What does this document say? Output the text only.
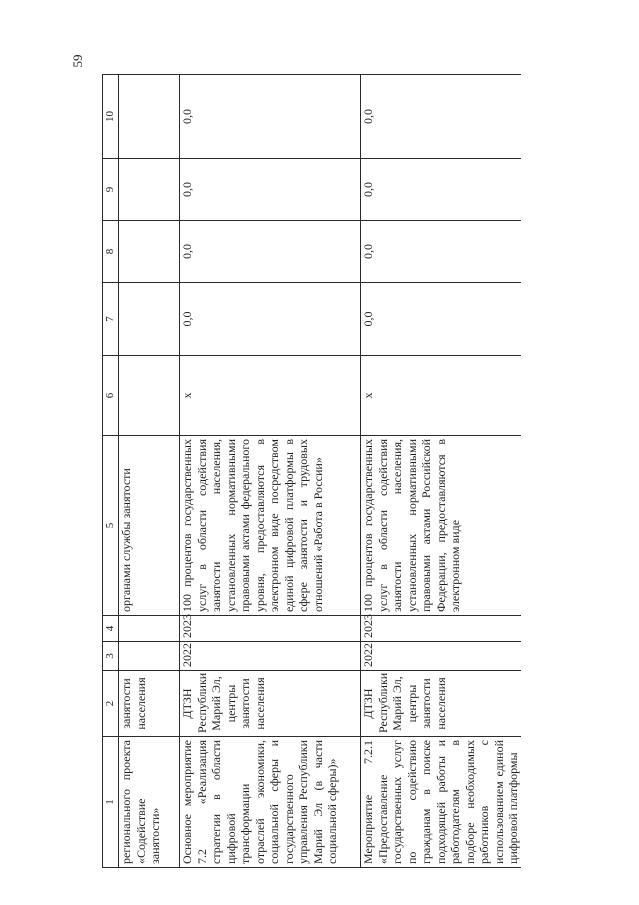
59
1	2	3	4	5	6	7	8	9	10
регионального проекта «Содействие занятости»	занятости населения			органами службы занятости					
Основное мероприятие 7.2 «Реализация стратегии в области цифровой трансформации отраслей экономики, социальной сферы и государственного управления Республики Марий Эл (в части социальной сферы)»	ДТЗН Республики Марий Эл, центры занятости населения	2022	2023	100 процентов государственных услуг в области содействия занятости населения, установленных нормативными правовыми актами федерального уровня, предоставляются в электронном виде посредством единой цифровой платформы в сфере занятости и трудовых отношений «Работа в России»	x	0,0	0,0	0,0	0,0
Мероприятие 7.2.1 «Предоставление государственных услуг по содействию гражданам в поиске подходящей работы и работодателям в подборе необходимых работников с использованием единой цифровой платформы	ДТЗН Республики Марий Эл, центры занятости населения	2022	2023	100 процентов государственных услуг в области содействия занятости населения, установленных нормативными правовыми актами Российской Федерации, предоставляются в электронном виде	x	0,0	0,0	0,0	0,0
